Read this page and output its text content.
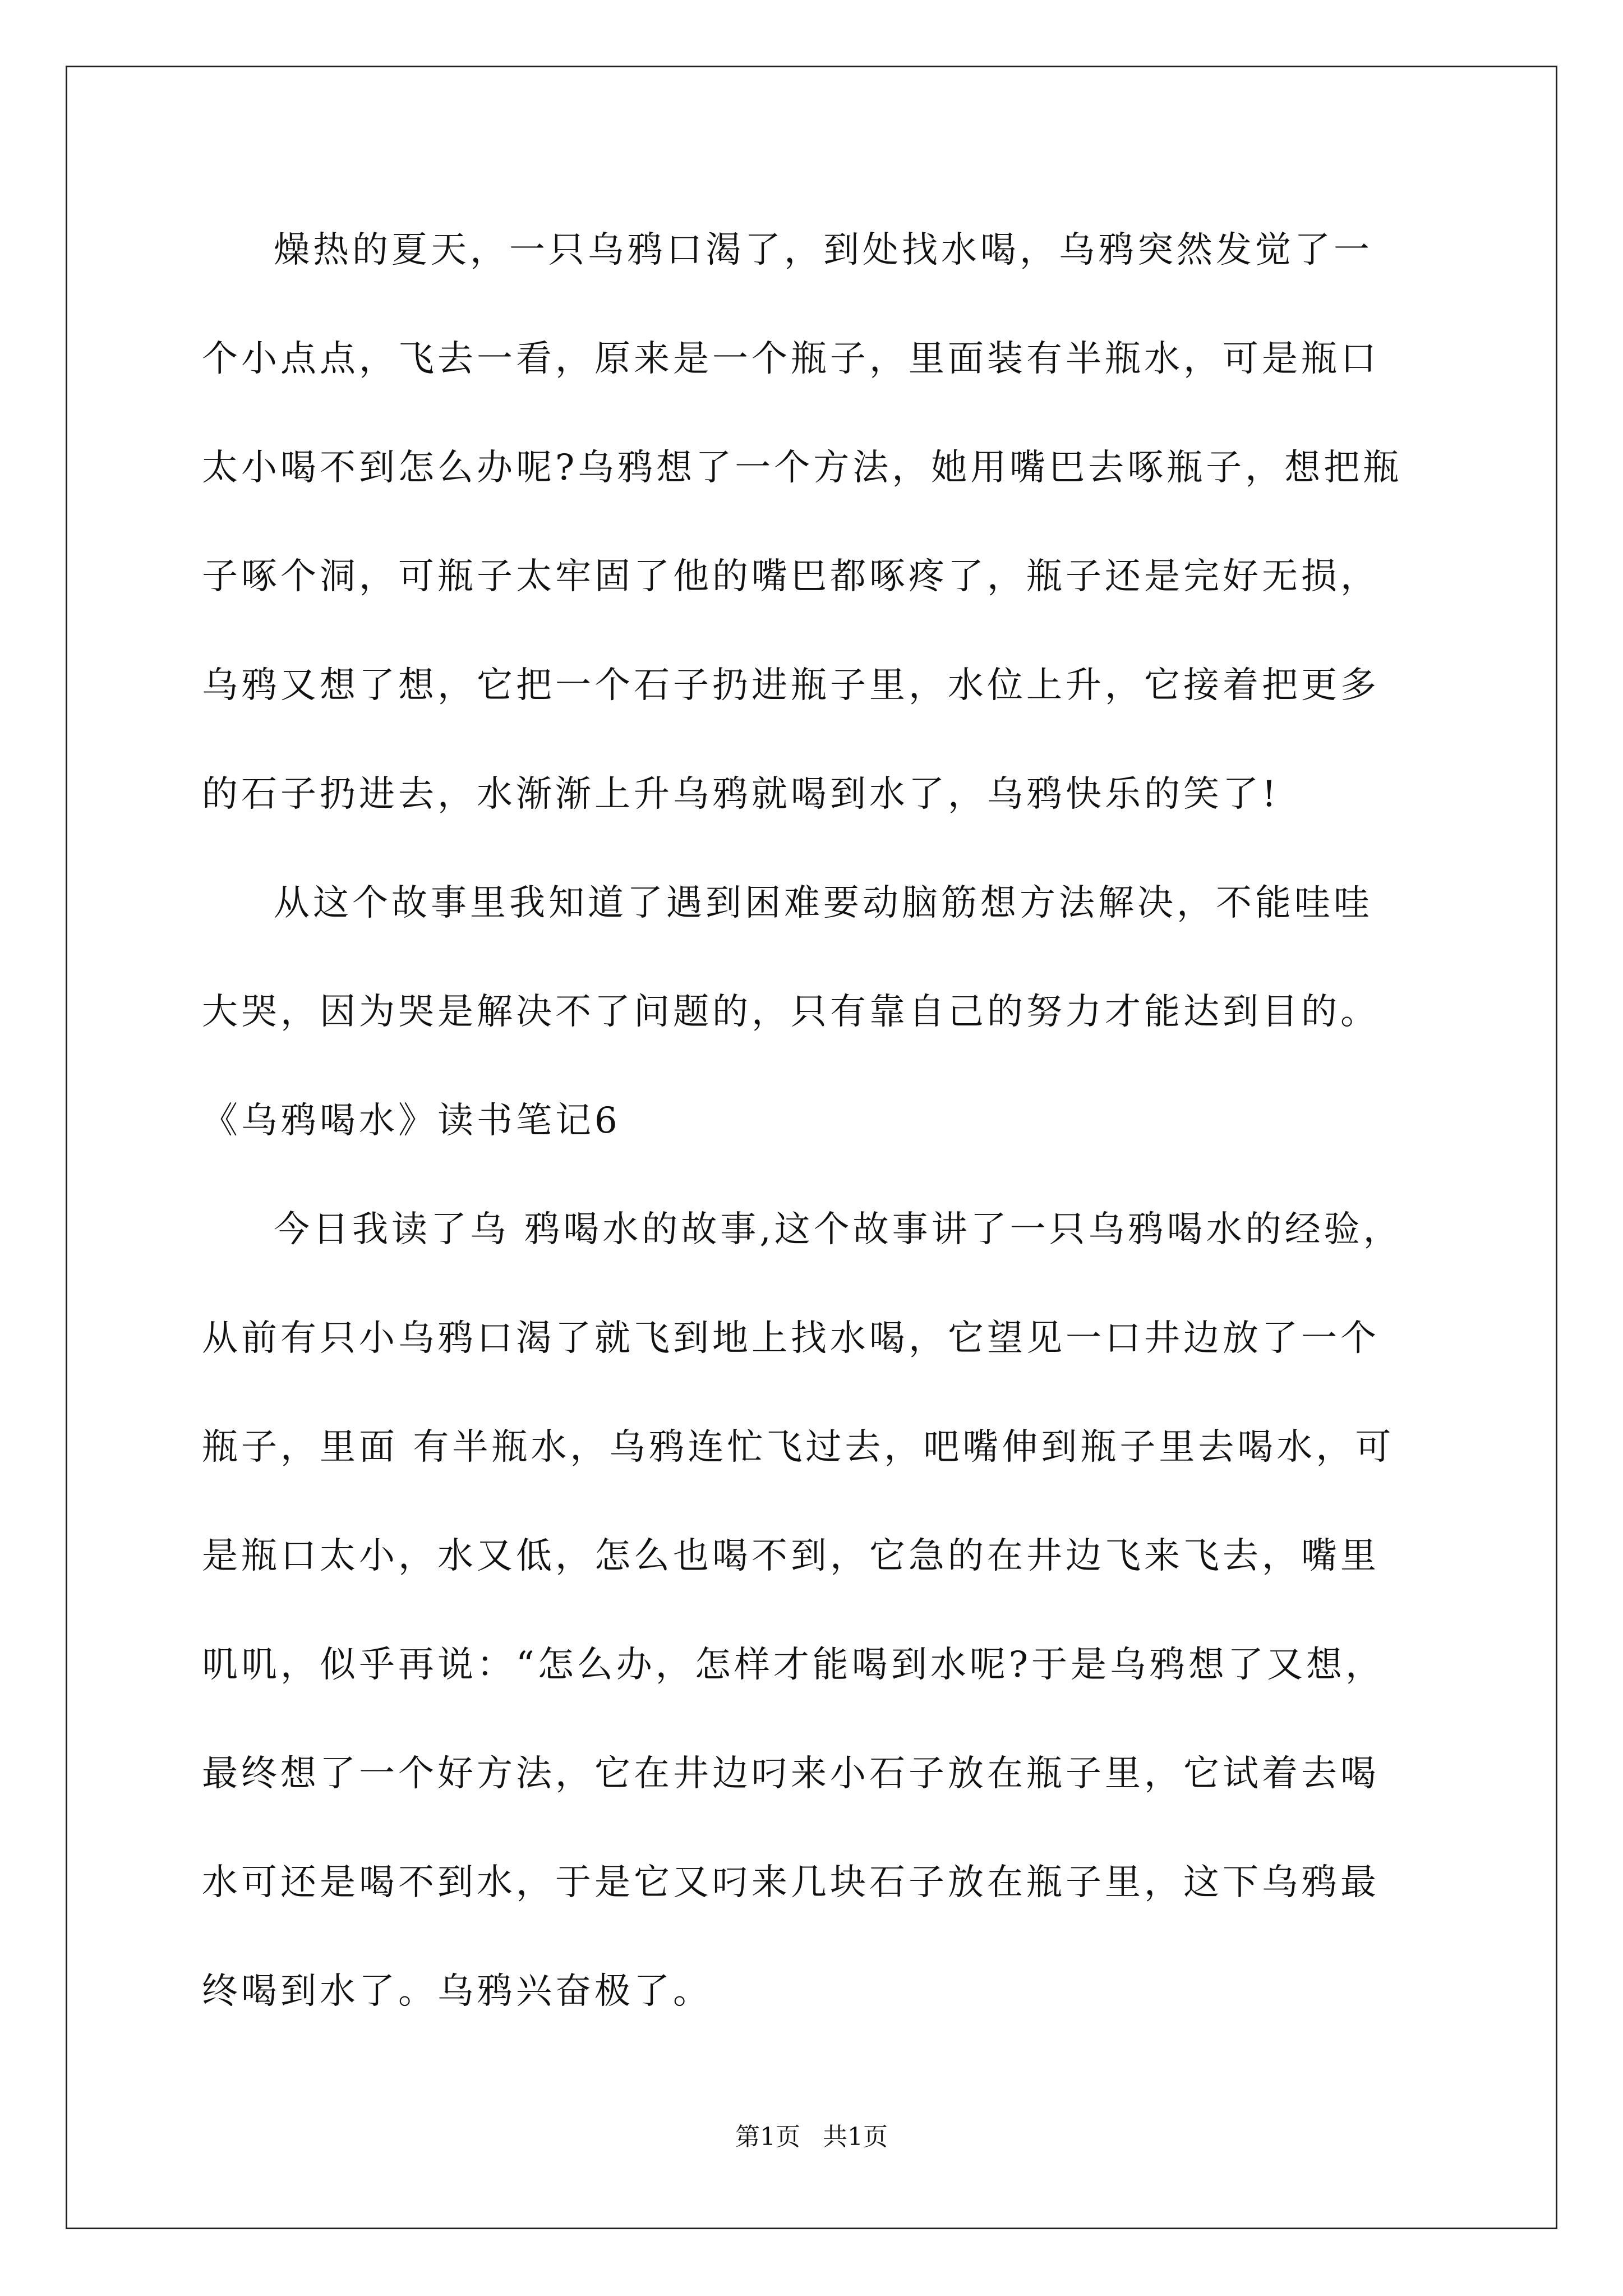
燥热的夏天，一只乌鸦口渴了，到处找水喝，乌鸦突然发觉了一
个小点点，飞去一看，原来是一个瓶子，里面装有半瓶水，可是瓶口
太小喝不到怎么办呢?乌鸦想了一个方法，她用嘴巴去啄瓶子，想把瓶
子啄个洞，可瓶子太牢固了他的嘴巴都啄疼了，瓶子还是完好无损，
乌鸦又想了想，它把一个石子扔进瓶子里，水位上升，它接着把更多
的石子扔进去，水渐渐上升乌鸦就喝到水了，乌鸦快乐的笑了!
从这个故事里我知道了遇到困难要动脑筋想方法解决，不能哇哇
大哭，因为哭是解决不了问题的，只有靠自己的努力才能达到目的。
《乌鸦喝水》读书笔记6
今日我读了乌 鸦喝水的故事,这个故事讲了一只乌鸦喝水的经验，
从前有只小乌鸦口渴了就飞到地上找水喝，它望见一口井边放了一个
瓶子，里面 有半瓶水，乌鸦连忙飞过去，吧嘴伸到瓶子里去喝水，可
是瓶口太小，水又低，怎么也喝不到，它急的在井边飞来飞去，嘴里
叽叽，似乎再说：“怎么办，怎样才能喝到水呢?于是乌鸦想了又想，
最终想了一个好方法，它在井边叼来小石子放在瓶子里，它试着去喝
水可还是喝不到水，于是它又叼来几块石子放在瓶子里，这下乌鸦最
终喝到水了。乌鸦兴奋极了。
第1页 共1页
